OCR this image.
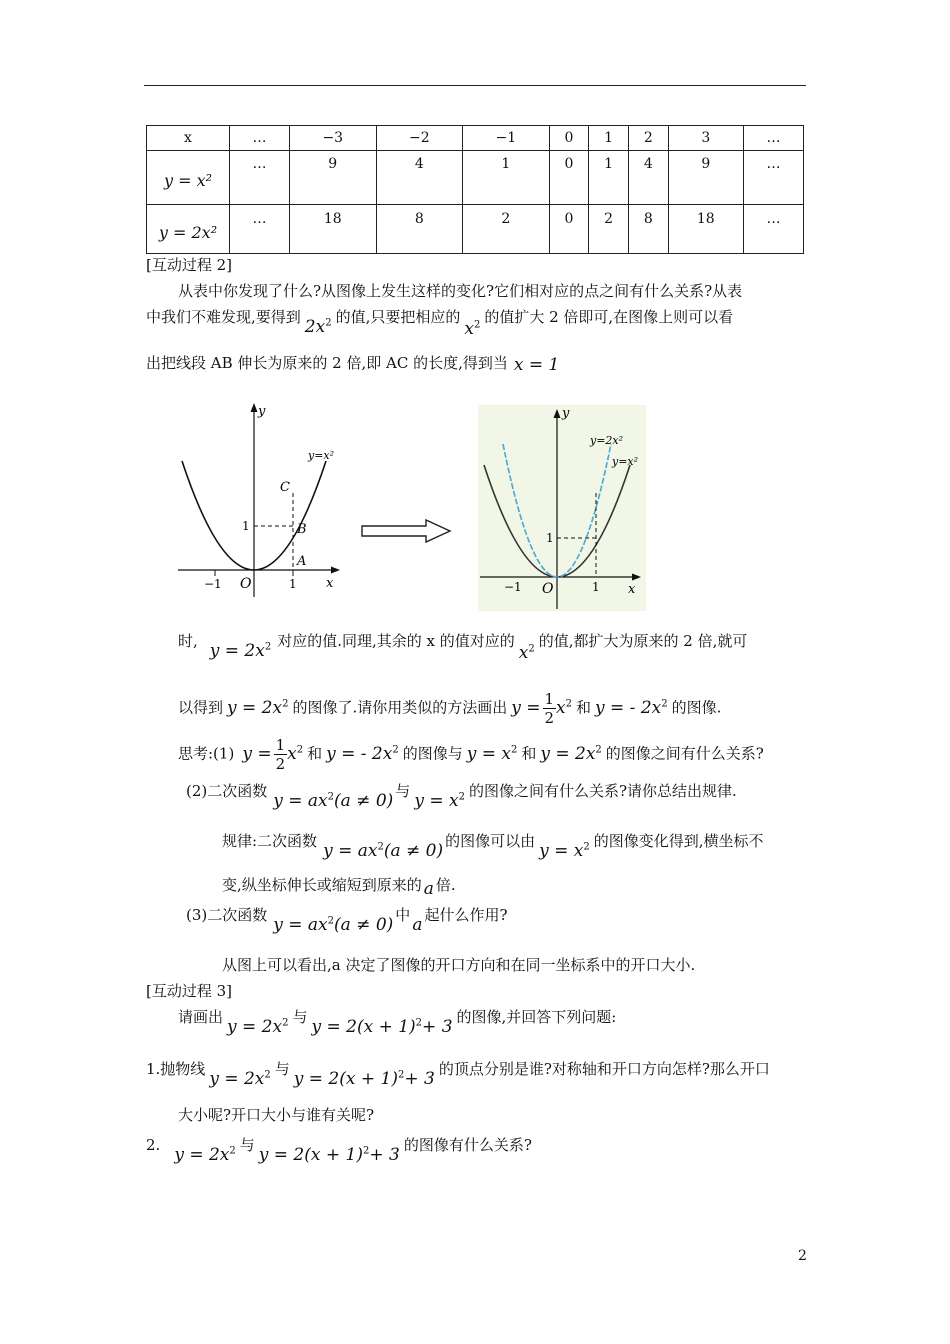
x	…	−3	−2	−1	0	1	2	3	…
y = x²	…	9	4	1	0	1	4	9	…
y = 2x²	…	18	8	2	0	2	8	18	…
[互动过程 2]
从表中你发现了什么?从图像上发生这样的变化?它们相对应的点之间有什么关系?从表
中我们不难发现,要得到 $2x^2$ 的值,只要把相应的$x^2$ 的值扩大 2 倍即可,在图像上则可以看
出把线段 AB 伸长为原来的 2 倍,即 AC 的长度,得到当 x = 1
y
x
O
y=x²
−1	1
1
C
B
A
y
x
O
y=2x²
y=x²
−1	1
1
时, $y = 2x^2$ 对应的值.同理,其余的 x 的值对应的$x^2$ 的值,都扩大为原来的 2 倍,就可
以得到 $y = 2x^2$ 的图像了.请你用类似的方法画出 $y = \frac{1}{2} x^2$ 和 y = - $2x^2$ 的图像.
思考:(1) $y = \frac{1}{2} x^2$ 和 y = - $2x^2$ 的图像与 $y = x^2$ 和 $y = 2x^2$ 的图像之间有什么关系?
(2)二次函数 $y = ax^2(a \ne 0)$ 与 $y = x^2$ 的图像之间有什么关系?请你总结出规律.
规律:二次函数 $y = ax^2(a \ne 0)$ 的图像可以由 $y = x^2$ 的图像变化得到,横坐标不
变,纵坐标伸长或缩短到原来的 a 倍.
(3)二次函数 $y = ax^2(a \ne 0)$ 中 a 起什么作用?
从图上可以看出,a 决定了图像的开口方向和在同一坐标系中的开口大小.
[互动过程 3]
请画出 $y = 2x^2$ 与 $y = 2(x + 1)^2+ 3$ 的图像,并回答下列问题:
1.抛物线 $y = 2x^2$ 与 $y = 2(x + 1)^2+ 3$ 的顶点分别是谁?对称轴和开口方向怎样?那么开口
大小呢?开口大小与谁有关呢?
2. $y = 2x^2$ 与 $y = 2(x + 1)^2+ 3$ 的图像有什么关系?
2
